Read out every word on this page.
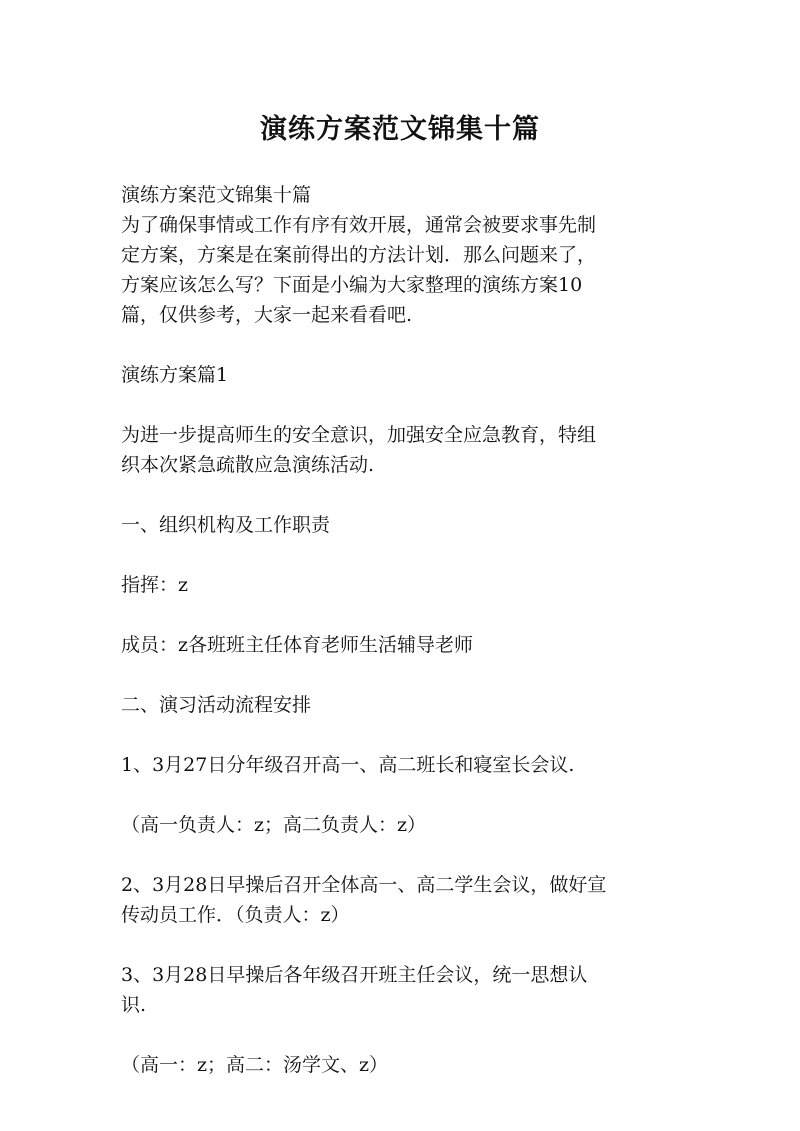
演练方案范文锦集十篇
演练方案范文锦集十篇
为了确保事情或工作有序有效开展，通常会被要求事先制
定方案，方案是在案前得出的方法计划．那么问题来了，
方案应该怎么写？下面是小编为大家整理的演练方案10
篇，仅供参考，大家一起来看看吧.
演练方案篇1
为进一步提高师生的安全意识，加强安全应急教育，特组
织本次紧急疏散应急演练活动.
一、组织机构及工作职责
指挥：z
成员：z各班班主任体育老师生活辅导老师
二、演习活动流程安排
1、3月27日分年级召开高一、高二班长和寝室长会议.
（高一负责人：z；高二负责人：z）
2、3月28日早操后召开全体高一、高二学生会议，做好宣
传动员工作．（负责人：z）
3、3月28日早操后各年级召开班主任会议，统一思想认
识.
（高一：z；高二：汤学文、z）
